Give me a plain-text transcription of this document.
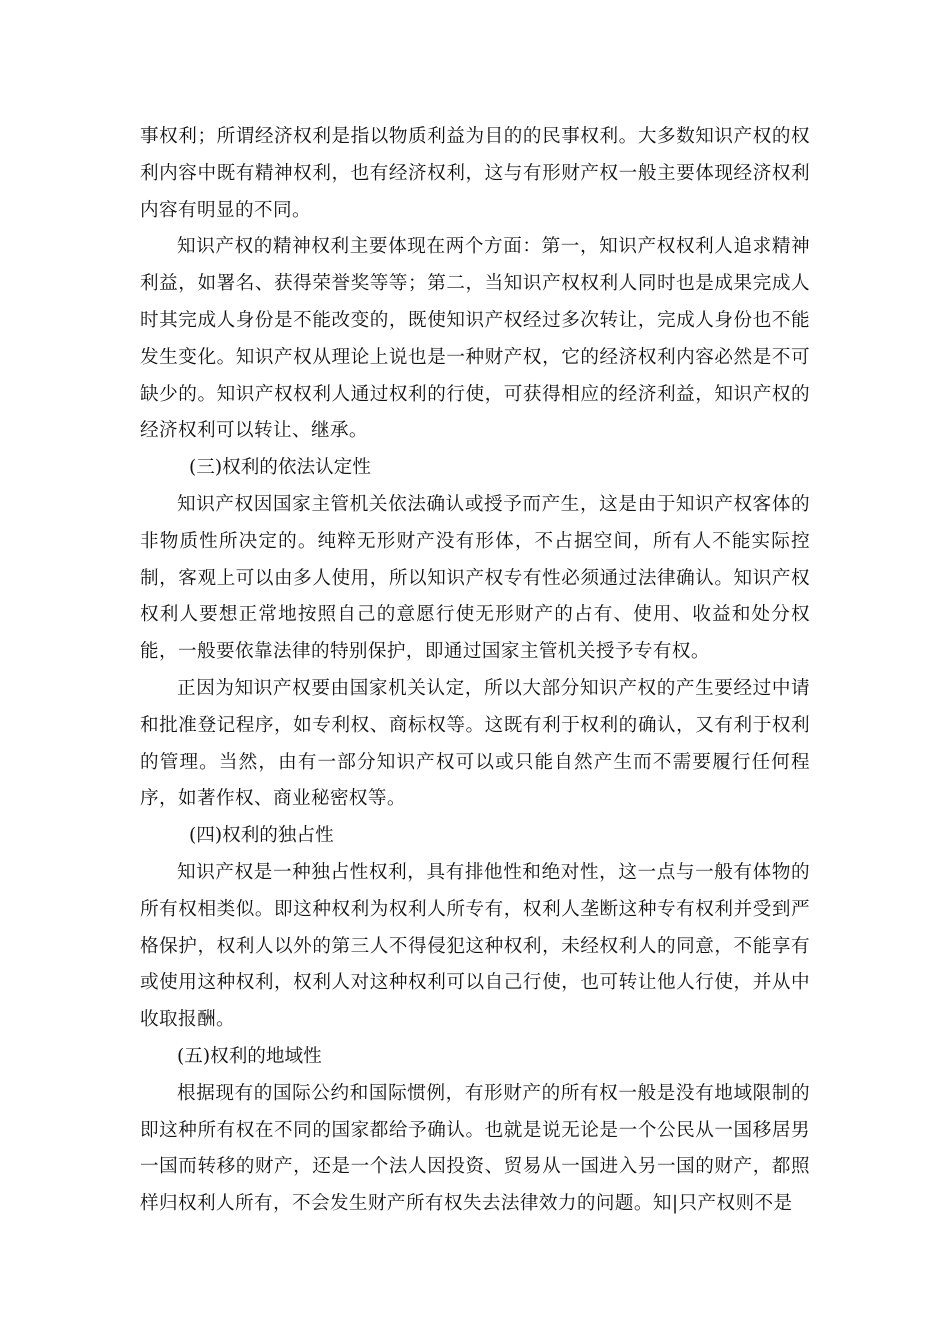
事权利；所谓经济权利是指以物质利益为目的的民事权利。大多数知识产权的权利内容中既有精神权利，也有经济权利，这与有形财产权一般主要体现经济权利内容有明显的不同。

知识产权的精神权利主要体现在两个方面：第一，知识产权权利人追求精神利益，如署名、获得荣誉奖等等；第二，当知识产权权利人同时也是成果完成人时其完成人身份是不能改变的，既使知识产权经过多次转让，完成人身份也不能发生变化。知识产权从理论上说也是一种财产权，它的经济权利内容必然是不可缺少的。知识产权权利人通过权利的行使，可获得相应的经济利益，知识产权的经济权利可以转让、继承。

(三)权利的依法认定性

知识产权因国家主管机关依法确认或授予而产生，这是由于知识产权客体的非物质性所决定的。纯粹无形财产没有形体，不占据空间，所有人不能实际控制，客观上可以由多人使用，所以知识产权专有性必须通过法律确认。知识产权权利人要想正常地按照自己的意愿行使无形财产的占有、使用、收益和处分权能，一般要依靠法律的特别保护，即通过国家主管机关授予专有权。

正因为知识产权要由国家机关认定，所以大部分知识产权的产生要经过中请和批准登记程序，如专利权、商标权等。这既有利于权利的确认，又有利于权利的管理。当然，由有一部分知识产权可以或只能自然产生而不需要履行任何程序，如著作权、商业秘密权等。

(四)权利的独占性

知识产权是一种独占性权利，具有排他性和绝对性，这一点与一般有体物的所有权相类似。即这种权利为权利人所专有，权利人垄断这种专有权利并受到严格保护，权利人以外的第三人不得侵犯这种权利，未经权利人的同意，不能享有或使用这种权利，权利人对这种权利可以自己行使，也可转让他人行使，并从中收取报酬。

(五)权利的地域性

根据现有的国际公约和国际惯例，有形财产的所有权一般是没有地域限制的即这种所有权在不同的国家都给予确认。也就是说无论是一个公民从一国移居男一国而转移的财产，还是一个法人因投资、贸易从一国进入另一国的财产，都照样归权利人所有，不会发生财产所有权失去法律效力的问题。知|只产权则不是
